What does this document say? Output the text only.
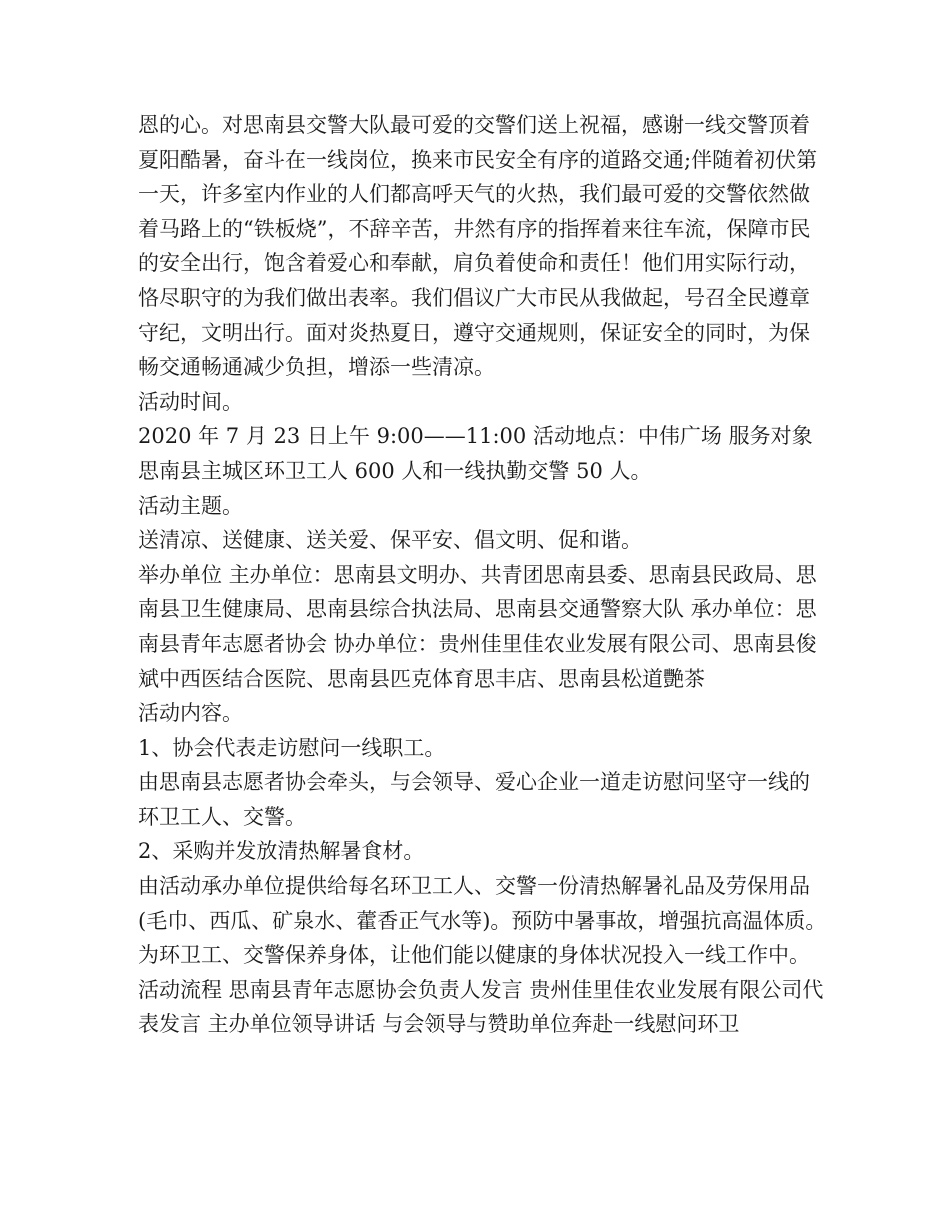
恩的心。对思南县交警大队最可爱的交警们送上祝福，感谢一线交警顶着夏阳酷暑，奋斗在一线岗位，换来市民安全有序的道路交通;伴随着初伏第一天，许多室内作业的人们都高呼天气的火热，我们最可爱的交警依然做着马路上的“铁板烧”，不辞辛苦，井然有序的指挥着来往车流，保障市民的安全出行，饱含着爱心和奉献，肩负着使命和责任！他们用实际行动，恪尽职守的为我们做出表率。我们倡议广大市民从我做起，号召全民遵章守纪，文明出行。面对炎热夏日，遵守交通规则，保证安全的同时，为保畅交通畅通减少负担，增添一些清凉。

活动时间。

2020 年 7 月 23 日上午 9:00——11:00 活动地点：中伟广场 服务对象 思南县主城区环卫工人 600 人和一线执勤交警 50 人。

活动主题。

送清凉、送健康、送关爱、保平安、倡文明、促和谐。

举办单位 主办单位：思南县文明办、共青团思南县委、思南县民政局、思南县卫生健康局、思南县综合执法局、思南县交通警察大队 承办单位：思南县青年志愿者协会 协办单位：贵州佳里佳农业发展有限公司、思南县俊斌中西医结合医院、思南县匹克体育思丰店、思南县松道艷茶

活动内容。

1、协会代表走访慰问一线职工。

由思南县志愿者协会牵头，与会领导、爱心企业一道走访慰问坚守一线的环卫工人、交警。

2、采购并发放清热解暑食材。

由活动承办单位提供给每名环卫工人、交警一份清热解暑礼品及劳保用品(毛巾、西瓜、矿泉水、藿香正气水等)。预防中暑事故，增强抗高温体质。为环卫工、交警保养身体，让他们能以健康的身体状况投入一线工作中。

活动流程 思南县青年志愿协会负责人发言 贵州佳里佳农业发展有限公司代表发言 主办单位领导讲话 与会领导与赞助单位奔赴一线慰问环卫
